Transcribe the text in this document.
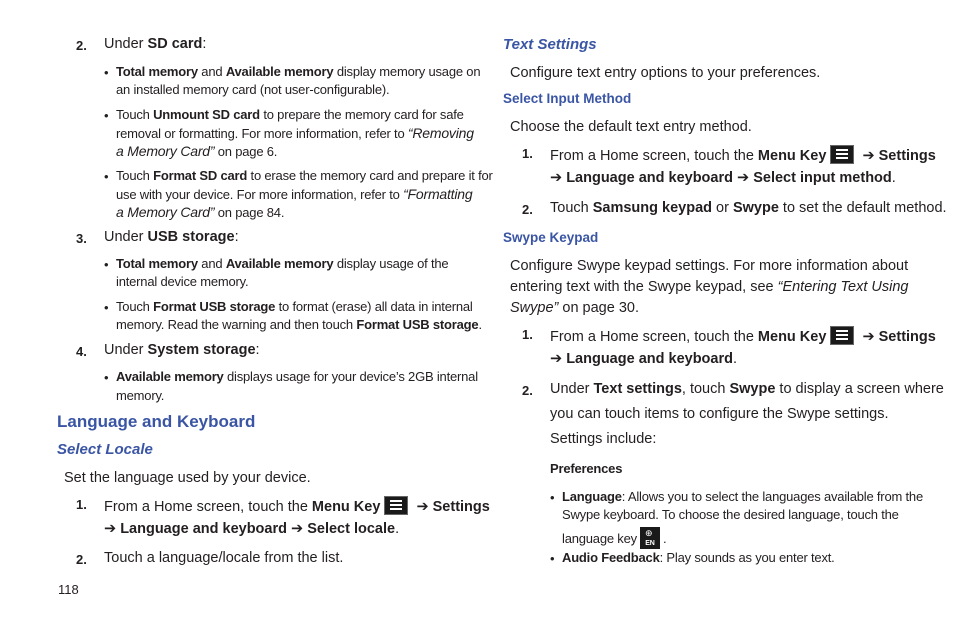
2. Under SD card:
• Total memory and Available memory display memory usage on
an installed memory card (not user-configurable).
• Touch Unmount SD card to prepare the memory card for safe
removal or formatting. For more information, refer to “Removing
a Memory Card” on page 6.
• Touch Format SD card to erase the memory card and prepare it for
use with your device. For more information, refer to “Formatting
a Memory Card” on page 84.
3. Under USB storage:
• Total memory and Available memory display usage of the
internal device memory.
• Touch Format USB storage to format (erase) all data in internal
memory. Read the warning and then touch Format USB storage.
4. Under System storage:
• Available memory displays usage for your device’s 2GB internal
memory.
Language and Keyboard
Select Locale
Set the language used by your device.
1. From a Home screen, touch the Menu Key
➔ Settings
➔ Language and keyboard ➔ Select locale.
2. Touch a language/locale from the list.
118
Text Settings
Configure text entry options to your preferences.
Select Input Method
Choose the default text entry method.
1. From a Home screen, touch the Menu Key
➔ Settings
➔ Language and keyboard ➔ Select input method.
2. Touch Samsung keypad or Swype to set the default method.
Swype Keypad
Configure Swype keypad settings. For more information about
entering text with the Swype keypad, see “Entering Text Using
Swype” on page 30.
1. From a Home screen, touch the Menu Key
➔ Settings
➔ Language and keyboard.
2. Under Text settings, touch Swype to display a screen where
you can touch items to configure the Swype settings.
Settings include:
Preferences
• Language: Allows you to select the languages available from the
Swype keyboard. To choose the desired language, touch the
language key ⊕
EN .
• Audio Feedback: Play sounds as you enter text.
